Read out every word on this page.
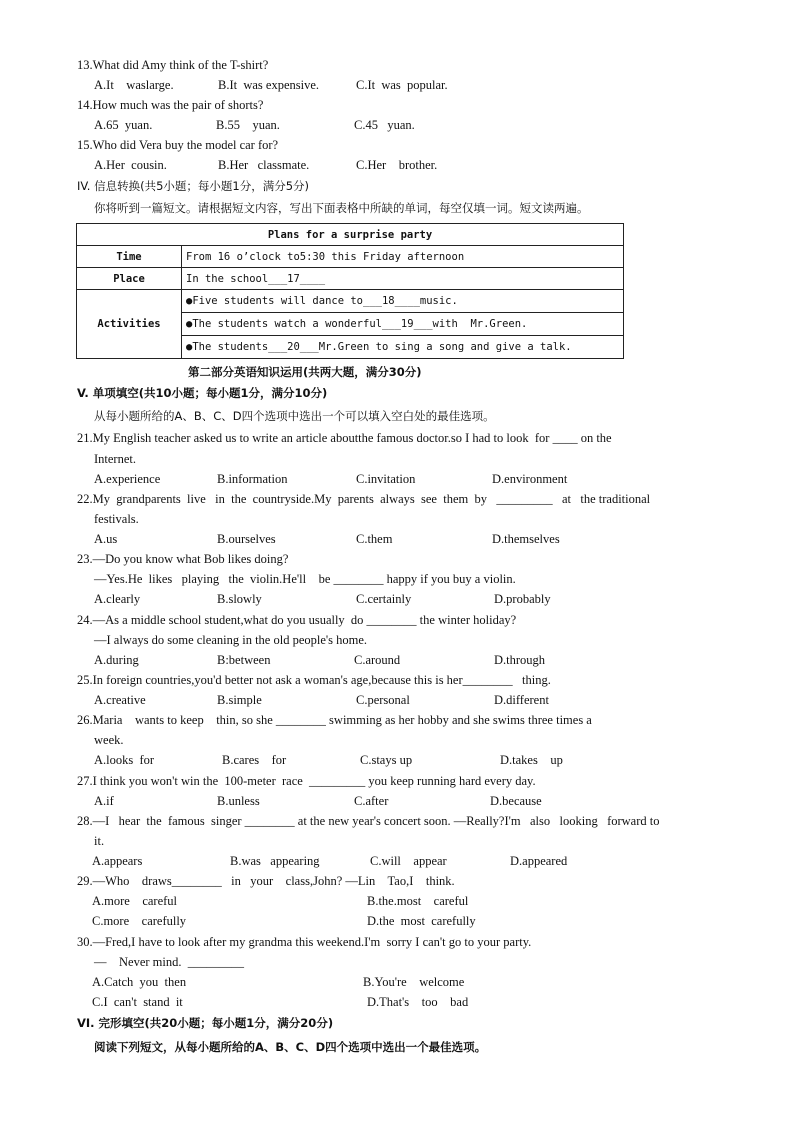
13.What did Amy think of the T-shirt?
A.It    waslarge.	B.It  was expensive.	C.It  was  popular.
14.How much was the pair of shorts?
A.65  yuan.	B.55    yuan.	C.45   yuan.
15.Who did Vera buy the model car for?
A.Her  cousin.	B.Her   classmate.	C.Her    brother.
IV. 信息转换(共5小题；每小题1分，满分5分)
你将听到一篇短文。请根据短文内容，写出下面表格中所缺的单词，每空仅填一词。短文读两遍。
Plans for a surprise party	
Time	From 16 o’clock to5:30 this Friday afternoon
Place	In the school___17____
Activities	●Five students will dance to___18____music.
	●The students watch a wonderful___19___with  Mr.Green.
	●The students___20___Mr.Green to sing a song and give a talk.
第二部分英语知识运用(共两大题，满分30分)
V. 单项填空(共10小题；每小题1分，满分10分)
从每小题所给的A、B、C、D四个选项中选出一个可以填入空白处的最佳选项。
21.My English teacher asked us to write an article aboutthe famous doctor.so I had to look  for ____ on the
Internet.
A.experience	B.information	C.invitation	D.environment
22.My  grandparents  live   in  the  countryside.My  parents  always  see  them  by   _________   at   the traditional
festivals.
A.us	B.ourselves	C.them	D.themselves
23.—Do you know what Bob likes doing?
—Yes.He  likes   playing   the  violin.He'll    be ________ happy if you buy a violin.
A.clearly	B.slowly	C.certainly	D.probably
24.—As a middle school student,what do you usually  do ________ the winter holiday?
—I always do some cleaning in the old people's home.
A.during	B:between	C.around	D.through
25.In foreign countries,you'd better not ask a woman's age,because this is her________   thing.
A.creative	B.simple	C.personal	D.different
26.Maria    wants to keep    thin, so she ________ swimming as her hobby and she swims three times a
week.
A.looks  for	B.cares    for	C.stays up	D.takes    up
27.I think you won't win the  100-meter  race  _________ you keep running hard every day.
A.if	B.unless	C.after	D.because
28.—I   hear  the  famous  singer ________ at the new year's concert soon. —Really?I'm   also   looking   forward to
it.
A.appears	B.was   appearing	C.will    appear	D.appeared
29.—Who    draws________   in   your    class,John? —Lin    Tao,I    think.
A.more    careful	B.the.most    careful
C.more    carefully	D.the  most  carefully
30.—Fred,I have to look after my grandma this weekend.I'm  sorry I can't go to your party.
—    Never mind.  _________
A.Catch  you  then	B.You're    welcome
C.I  can't  stand  it	D.That's    too    bad
VI. 完形填空(共20小题；每小题1分，满分20分)
阅读下列短文，从每小题所给的A、B、C、D四个选项中选出一个最佳选项。
